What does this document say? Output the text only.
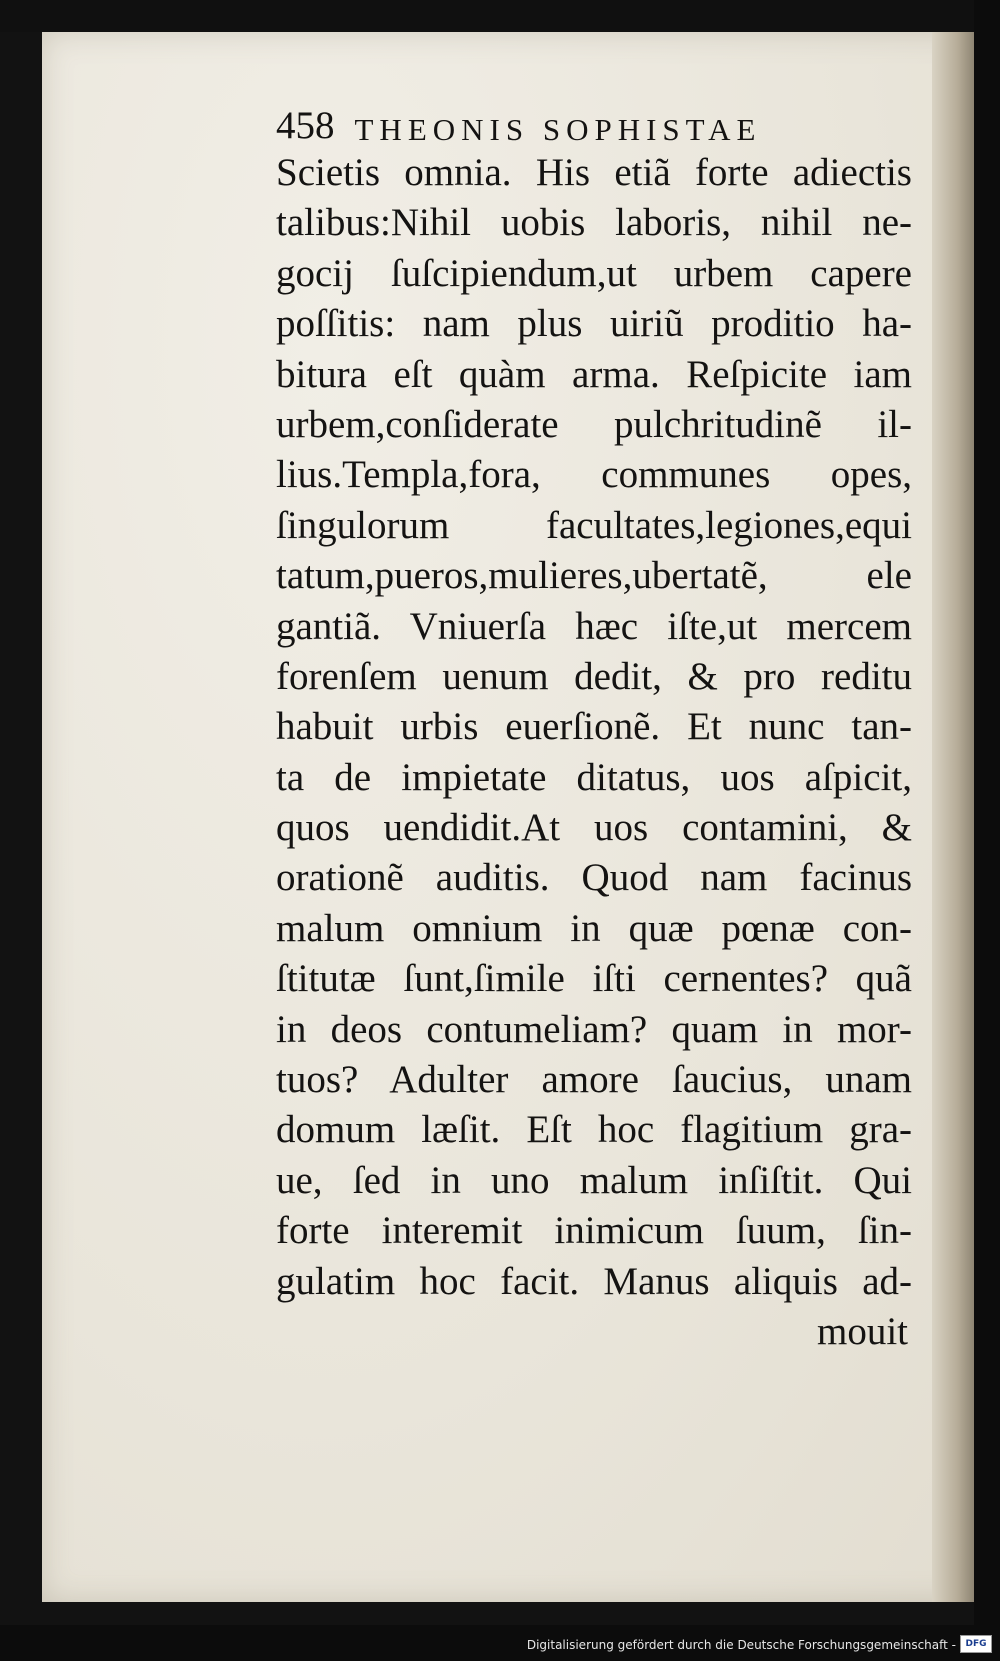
458 THEONIS SOPHISTAE
Scietis omnia. His etiã forte adiectis
talibus:Nihil uobis laboris, nihil ne-
gocij ſuſcipiendum,ut urbem capere
poſſitis: nam plus uiriũ proditio ha-
bitura eſt quàm arma. Reſpicite iam
urbem,conſiderate pulchritudinẽ il-
lius.Templa,fora, communes opes,
ſingulorum facultates,legiones,equi
tatum,pueros,mulieres,ubertatẽ, ele
gantiã. Vniuerſa hæc iſte,ut mercem
forenſem uenum dedit, & pro reditu
habuit urbis euerſionẽ. Et nunc tan-
ta de impietate ditatus, uos aſpicit,
quos uendidit.At uos contamini, &
orationẽ auditis. Quod nam facinus
malum omnium in quæ pœnæ con-
ſtitutæ ſunt,ſimile iſti cernentes? quã
in deos contumeliam? quam in mor-
tuos? Adulter amore ſaucius, unam
domum læſit. Eſt hoc flagitium gra-
ue, ſed in uno malum inſiſtit. Qui
forte interemit inimicum ſuum, ſin-
gulatim hoc facit. Manus aliquis ad-
mouit
Digitalisierung gefördert durch die Deutsche Forschungsgemeinschaft -	DFG
